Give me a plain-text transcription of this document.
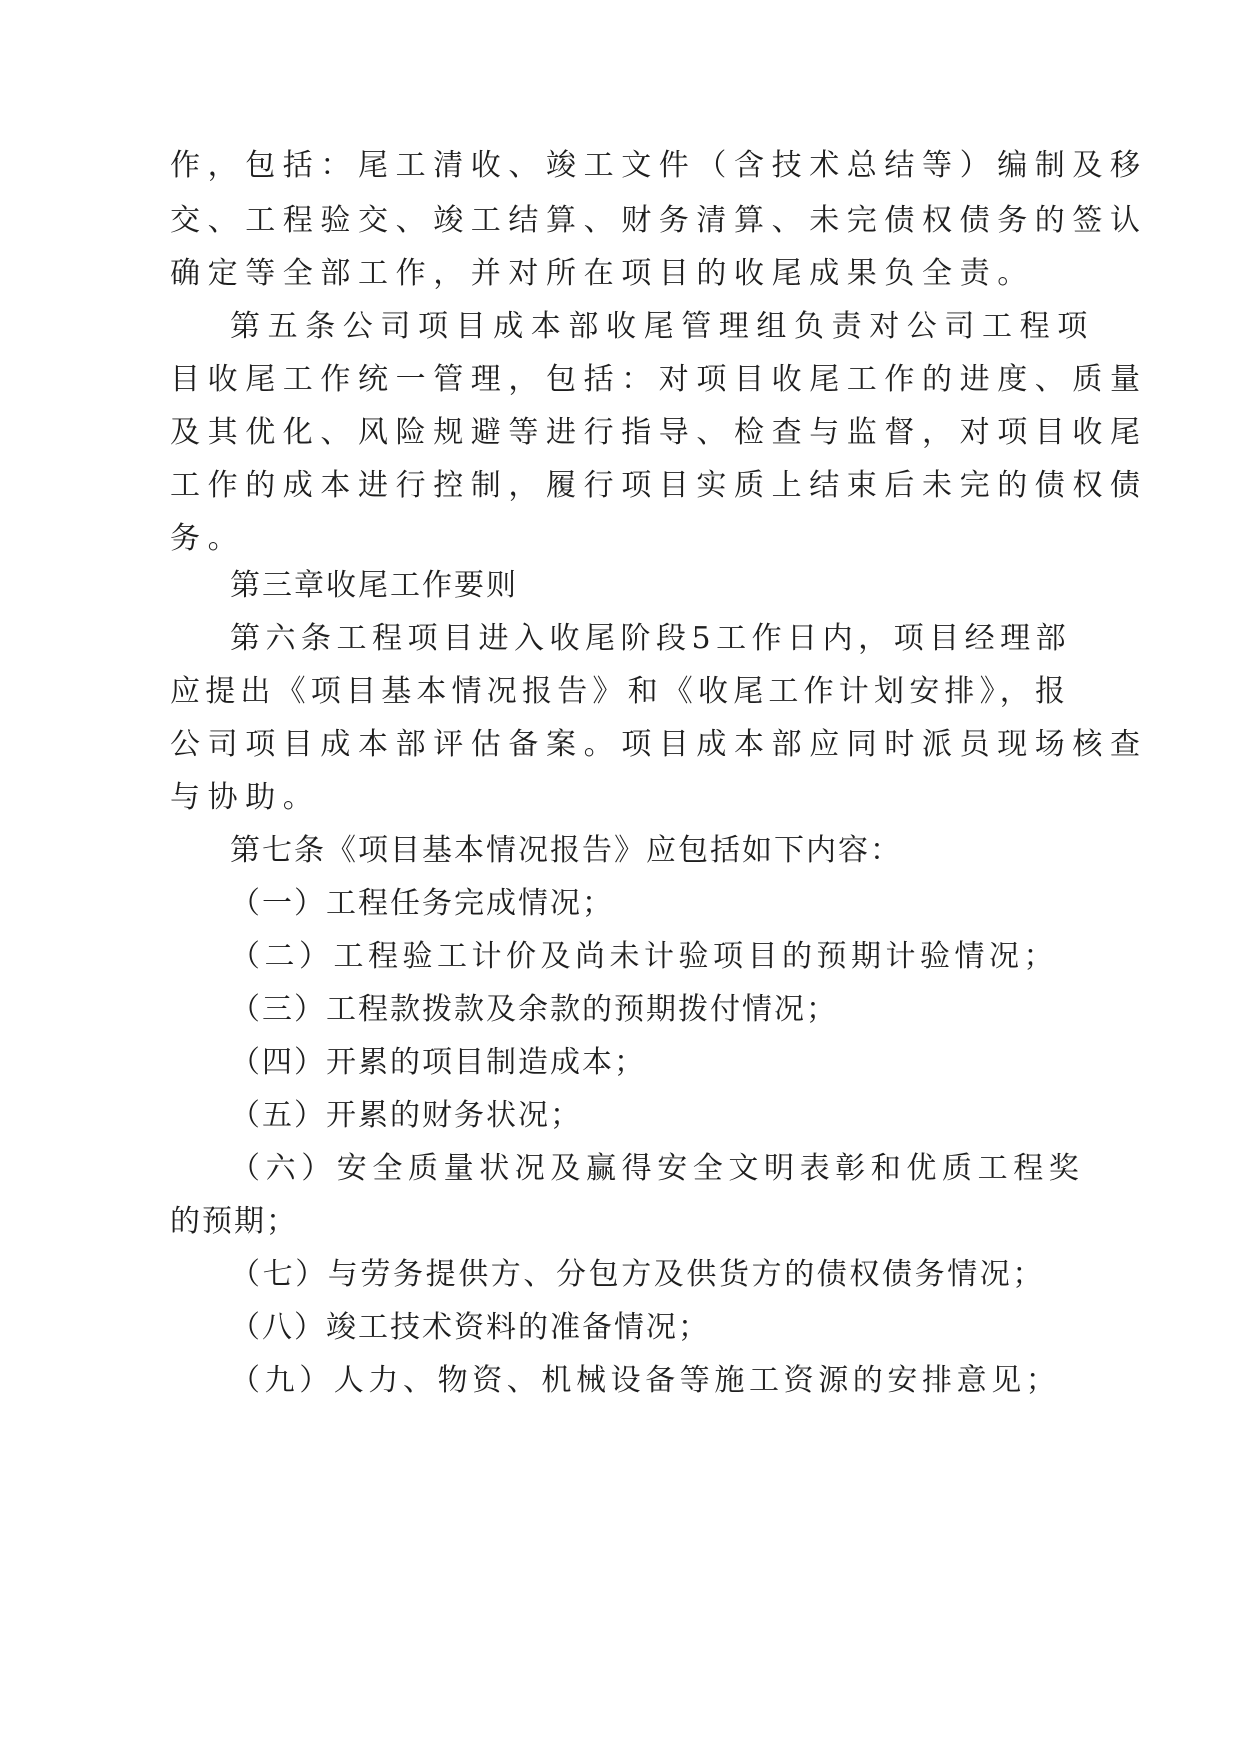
作，包括：尾工清收、竣工文件（含技术总结等）编制及移
交、工程验交、竣工结算、财务清算、未完债权债务的签认
确定等全部工作，并对所在项目的收尾成果负全责。
第五条公司项目成本部收尾管理组负责对公司工程项
目收尾工作统一管理，包括：对项目收尾工作的进度、质量
及其优化、风险规避等进行指导、检查与监督，对项目收尾
工作的成本进行控制，履行项目实质上结束后未完的债权债
务。
第三章收尾工作要则
第六条工程项目进入收尾阶段5工作日内，项目经理部
应提出《项目基本情况报告》和《收尾工作计划安排》，报
公司项目成本部评估备案。项目成本部应同时派员现场核查
与协助。
第七条《项目基本情况报告》应包括如下内容：
（一）工程任务完成情况；
（二）工程验工计价及尚未计验项目的预期计验情况；
（三）工程款拨款及余款的预期拨付情况；
（四）开累的项目制造成本；
（五）开累的财务状况；
（六）安全质量状况及赢得安全文明表彰和优质工程奖
的预期；
（七）与劳务提供方、分包方及供货方的债权债务情况；
（八）竣工技术资料的准备情况；
（九）人力、物资、机械设备等施工资源的安排意见；
